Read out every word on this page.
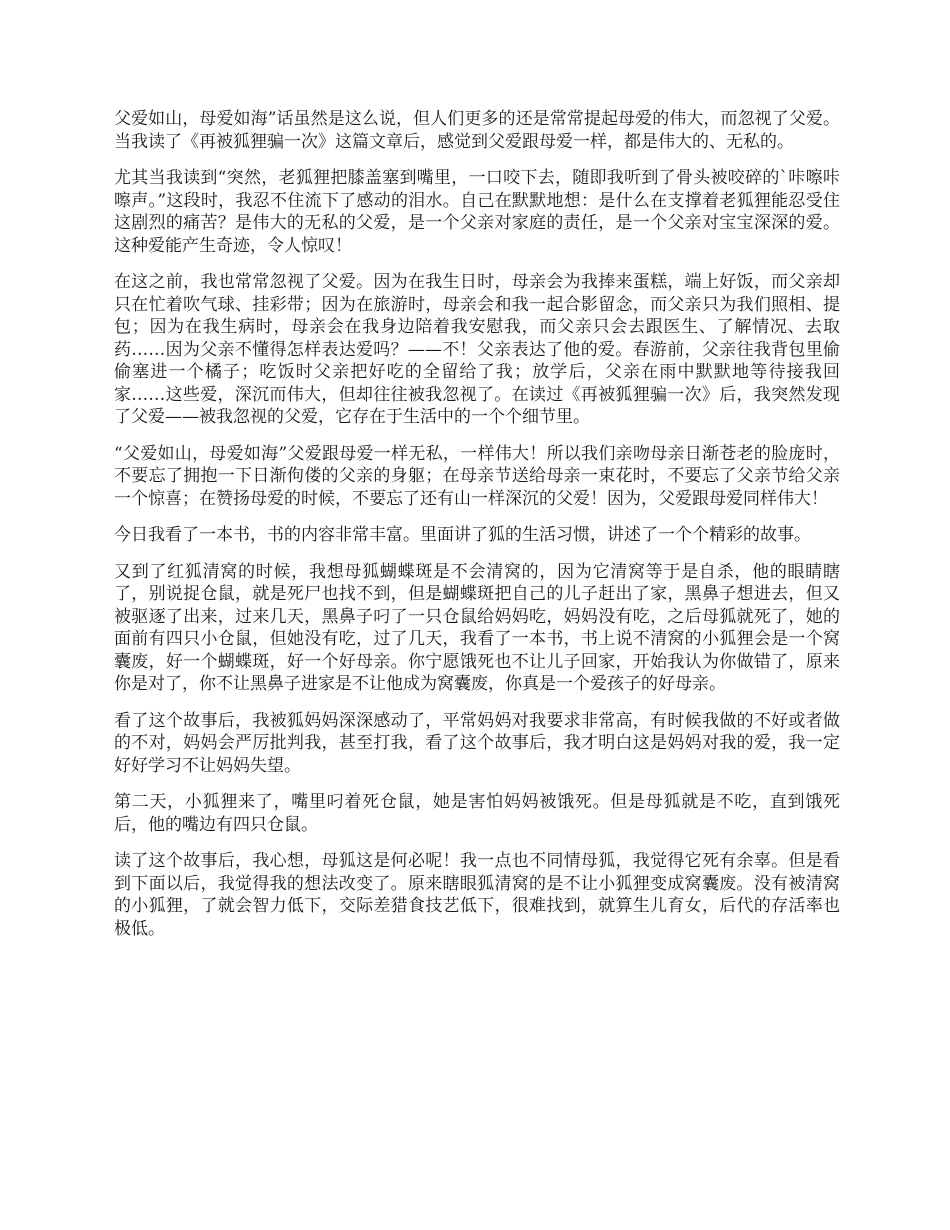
父爱如山，母爱如海”话虽然是这么说，但人们更多的还是常常提起母爱的伟大，而忽视了父爱。当我读了《再被狐狸骗一次》这篇文章后，感觉到父爱跟母爱一样，都是伟大的、无私的。

尤其当我读到“突然，老狐狸把膝盖塞到嘴里，一口咬下去，随即我听到了骨头被咬碎的`咔嚓咔嚓声。”这段时，我忍不住流下了感动的泪水。自己在默默地想：是什么在支撑着老狐狸能忍受住这剧烈的痛苦？是伟大的无私的父爱，是一个父亲对家庭的责任，是一个父亲对宝宝深深的爱。这种爱能产生奇迹，令人惊叹！

在这之前，我也常常忽视了父爱。因为在我生日时，母亲会为我捧来蛋糕，端上好饭，而父亲却只在忙着吹气球、挂彩带；因为在旅游时，母亲会和我一起合影留念，而父亲只为我们照相、提包；因为在我生病时，母亲会在我身边陪着我安慰我，而父亲只会去跟医生、了解情况、去取药……因为父亲不懂得怎样表达爱吗？——不！父亲表达了他的爱。春游前，父亲往我背包里偷偷塞进一个橘子；吃饭时父亲把好吃的全留给了我；放学后，父亲在雨中默默地等待接我回家……这些爱，深沉而伟大，但却往往被我忽视了。在读过《再被狐狸骗一次》后，我突然发现了父爱——被我忽视的父爱，它存在于生活中的一个个细节里。

“父爱如山，母爱如海”父爱跟母爱一样无私，一样伟大！所以我们亲吻母亲日渐苍老的脸庞时，不要忘了拥抱一下日渐佝偻的父亲的身躯；在母亲节送给母亲一束花时，不要忘了父亲节给父亲一个惊喜；在赞扬母爱的时候，不要忘了还有山一样深沉的父爱！因为，父爱跟母爱同样伟大！

今日我看了一本书，书的内容非常丰富。里面讲了狐的生活习惯，讲述了一个个精彩的故事。

又到了红狐清窝的时候，我想母狐蝴蝶斑是不会清窝的，因为它清窝等于是自杀，他的眼睛瞎了，别说捉仓鼠，就是死尸也找不到，但是蝴蝶斑把自己的儿子赶出了家，黑鼻子想进去，但又被驱逐了出来，过来几天，黑鼻子叼了一只仓鼠给妈妈吃，妈妈没有吃，之后母狐就死了，她的面前有四只小仓鼠，但她没有吃，过了几天，我看了一本书，书上说不清窝的小狐狸会是一个窝囊废，好一个蝴蝶斑，好一个好母亲。你宁愿饿死也不让儿子回家，开始我认为你做错了，原来你是对了，你不让黑鼻子进家是不让他成为窝囊废，你真是一个爱孩子的好母亲。

看了这个故事后，我被狐妈妈深深感动了，平常妈妈对我要求非常高，有时候我做的不好或者做的不对，妈妈会严厉批判我，甚至打我，看了这个故事后，我才明白这是妈妈对我的爱，我一定好好学习不让妈妈失望。

第二天，小狐狸来了，嘴里叼着死仓鼠，她是害怕妈妈被饿死。但是母狐就是不吃，直到饿死后，他的嘴边有四只仓鼠。

读了这个故事后，我心想，母狐这是何必呢！我一点也不同情母狐，我觉得它死有余辜。但是看到下面以后，我觉得我的想法改变了。原来瞎眼狐清窝的是不让小狐狸变成窝囊废。没有被清窝的小狐狸，了就会智力低下，交际差猎食技艺低下，很难找到，就算生儿育女，后代的存活率也极低。
